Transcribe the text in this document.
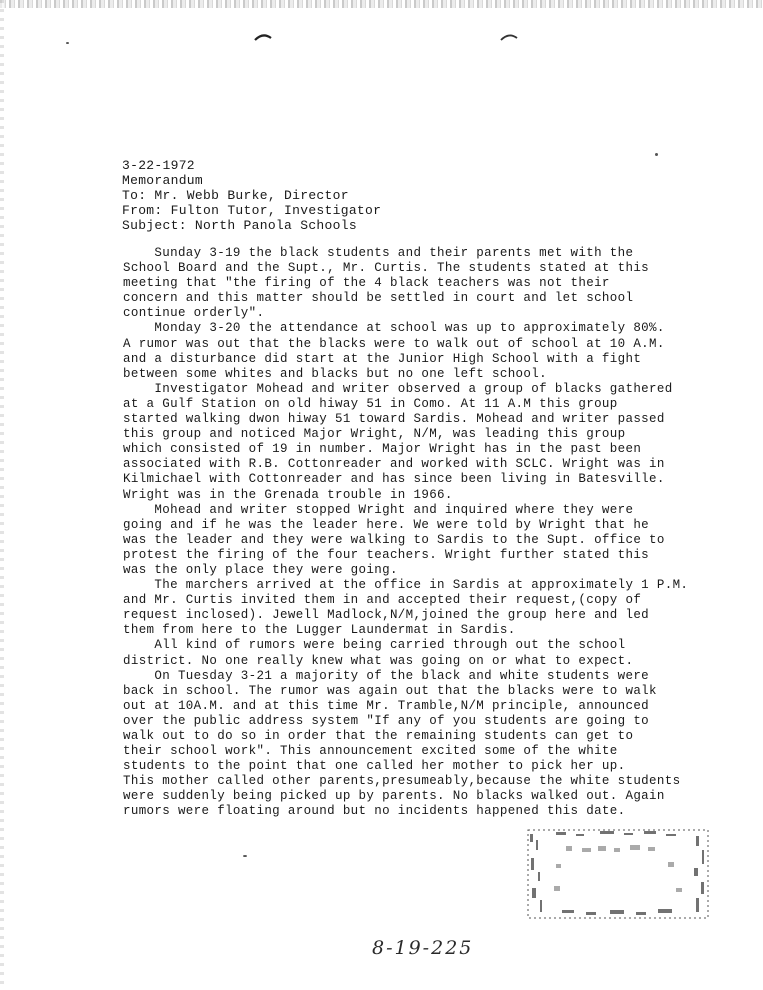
3-22-1972
Memorandum
To: Mr. Webb Burke, Director
From: Fulton Tutor, Investigator
Subject: North Panola Schools
Sunday 3-19 the black students and their parents met with the
School Board and the Supt., Mr. Curtis. The students stated at this
meeting that "the firing of the 4 black teachers was not their
concern and this matter should be settled in court and let school
continue orderly".
Monday 3-20 the attendance at school was up to approximately 80%.
A rumor was out that the blacks were to walk out of school at 10 A.M.
and a disturbance did start at the Junior High School with a fight
between some whites and blacks but no one left school.
Investigator Mohead and writer observed a group of blacks gathered
at a Gulf Station on old hiway 51 in Como. At 11 A.M this group
started walking dwon hiway 51 toward Sardis. Mohead and writer passed
this group and noticed Major Wright, N/M, was leading this group
which consisted of 19 in number. Major Wright has in the past been
associated with R.B. Cottonreader and worked with SCLC. Wright was in
Kilmichael with Cottonreader and has since been living in Batesville.
Wright was in the Grenada trouble in 1966.
Mohead and writer stopped Wright and inquired where they were
going and if he was the leader here. We were told by Wright that he
was the leader and they were walking to Sardis to the Supt. office to
protest the firing of the four teachers. Wright further stated this
was the only place they were going.
The marchers arrived at the office in Sardis at approximately 1 P.M.
and Mr. Curtis invited them in and accepted their request,(copy of
request inclosed). Jewell Madlock,N/M,joined the group here and led
them from here to the Lugger Laundermat in Sardis.
All kind of rumors were being carried through out the school
district. No one really knew what was going on or what to expect.
On Tuesday 3-21 a majority of the black and white students were
back in school. The rumor was again out that the blacks were to walk
out at 10A.M. and at this time Mr. Tramble,N/M principle, announced
over the public address system "If any of you students are going to
walk out to do so in order that the remaining students can get to
their school work". This announcement excited some of the white
students to the point that one called her mother to pick her up.
This mother called other parents,presumeably,because the white students
were suddenly being picked up by parents. No blacks walked out. Again
rumors were floating around but no incidents happened this date.
8-19-225
